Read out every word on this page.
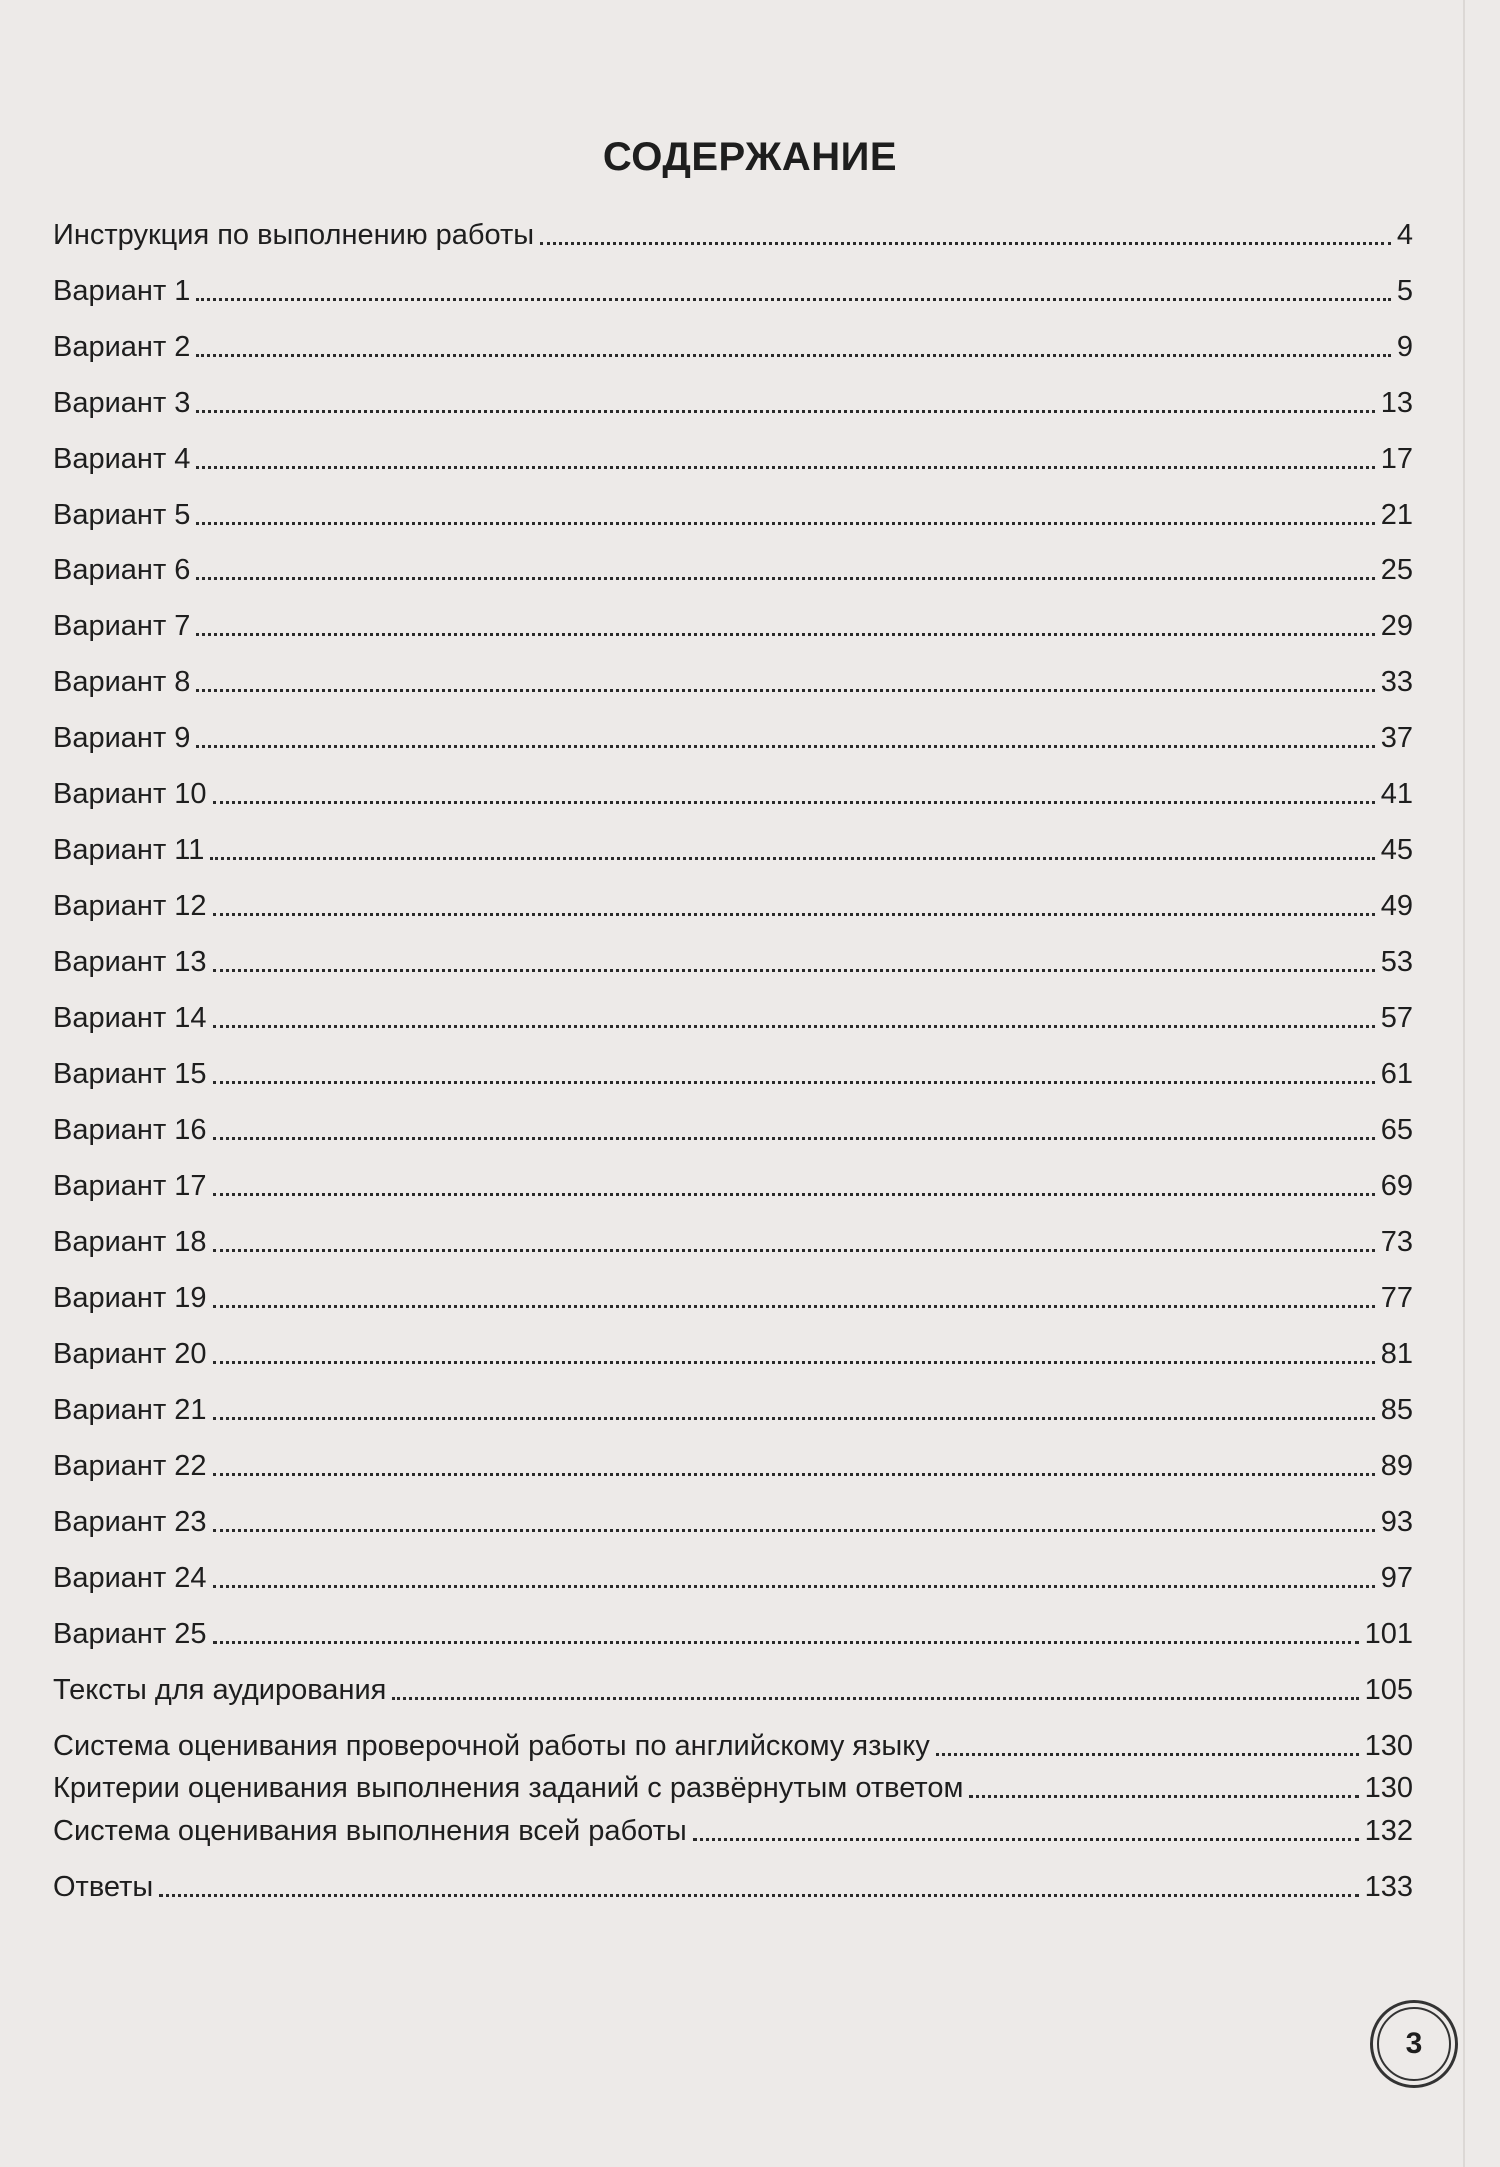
СОДЕРЖАНИЕ
Инструкция по выполнению работы	4
Вариант 1	5
Вариант 2	9
Вариант 3	13
Вариант 4	17
Вариант 5	21
Вариант 6	25
Вариант 7	29
Вариант 8	33
Вариант 9	37
Вариант 10	41
Вариант 11	45
Вариант 12	49
Вариант 13	53
Вариант 14	57
Вариант 15	61
Вариант 16	65
Вариант 17	69
Вариант 18	73
Вариант 19	77
Вариант 20	81
Вариант 21	85
Вариант 22	89
Вариант 23	93
Вариант 24	97
Вариант 25	101
Тексты для аудирования	105
Система оценивания проверочной работы по английскому языку	130
Критерии оценивания выполнения заданий с развёрнутым ответом	130
Система оценивания выполнения всей работы	132
Ответы	133
3
